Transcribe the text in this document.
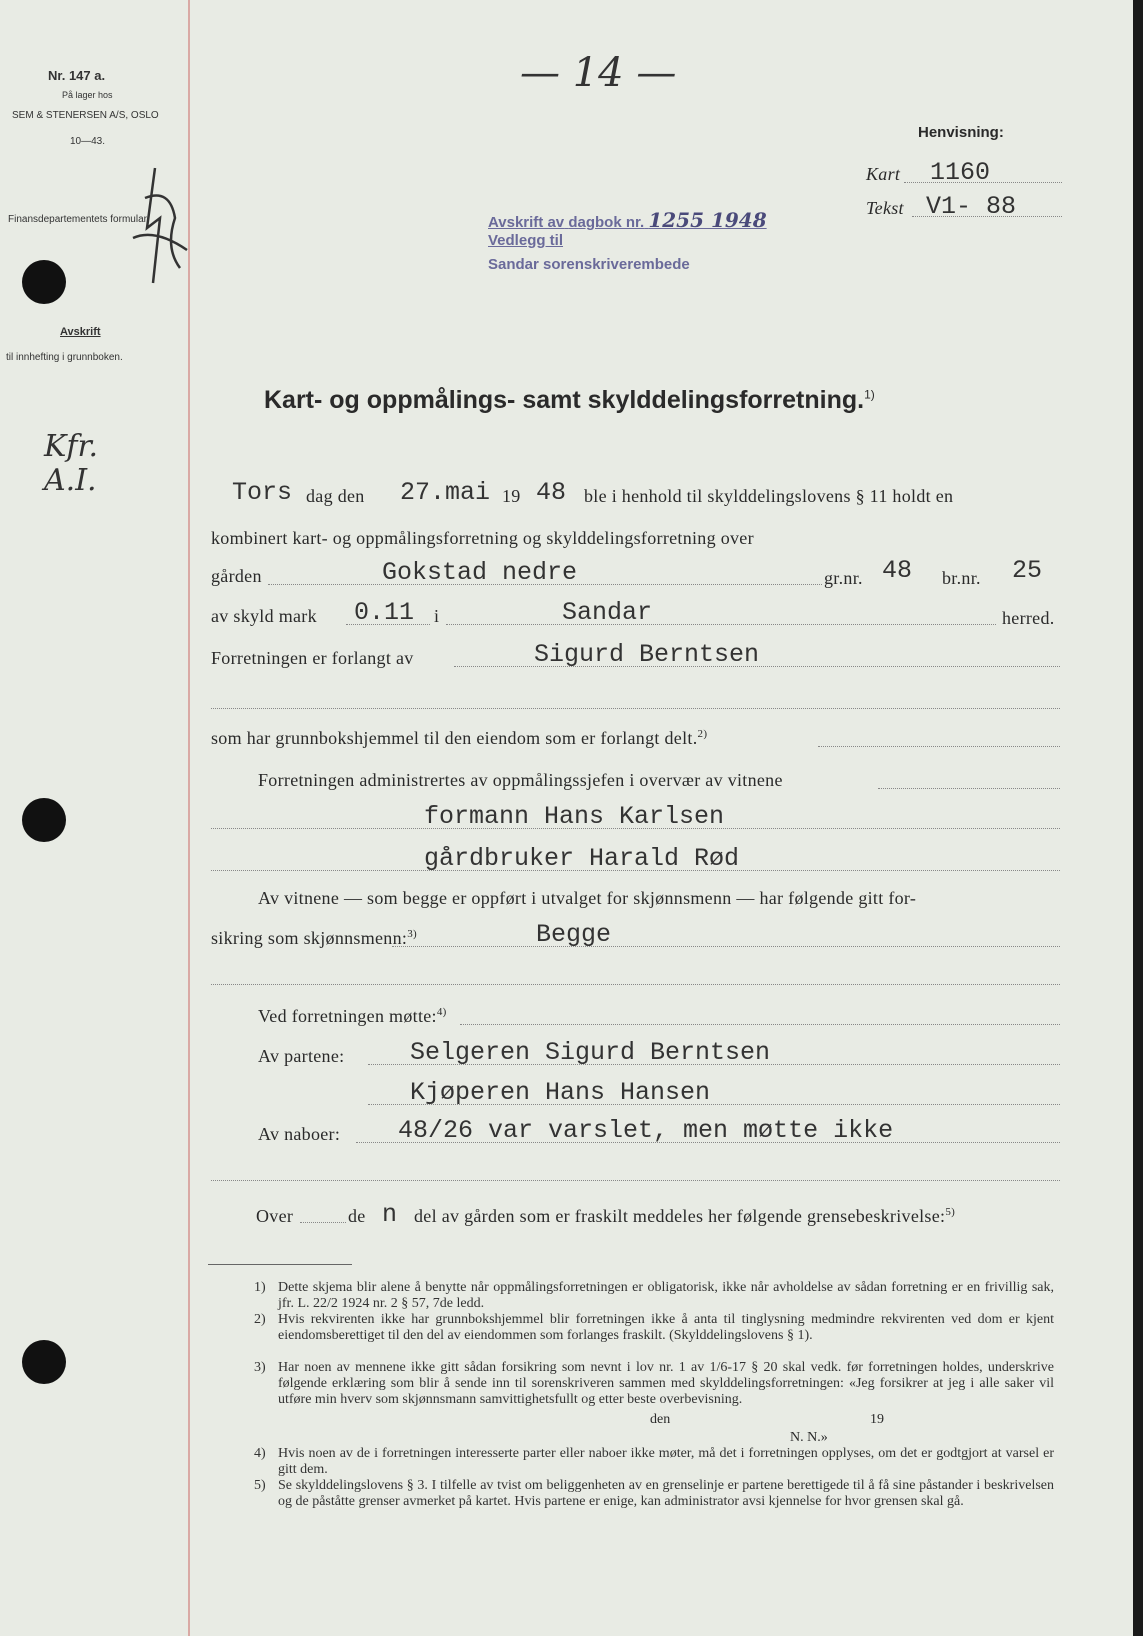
Nr. 147 a.
På lager hos
SEM & STENERSEN A/S, OSLO
10—43.
Finansdepartementets formular
Avskrift
til innhefting i grunnboken.
Kfr.
A.I.
— 14 —
Avskrift av dagbok nr. 1255 1948
Vedlegg til
Sandar sorenskriverembede
Henvisning:
Kart 1160
Tekst V1- 88
Kart- og oppmålings- samt skylddelingsforretning.$^{1)}$
Tors dag den 27.mai 19 48 ble i henhold til skylddelingslovens § 11 holdt en
kombinert kart- og oppmålingsforretning og skylddelingsforretning over
gården	Gokstad nedre	gr.nr. 48 br.nr. 25
av skyld mark 0.11 i	Sandar	herred.
Forretningen er forlangt av	Sigurd Berntsen
som har grunnbokshjemmel til den eiendom som er forlangt delt.$^{2)}$
Forretningen administrertes av oppmålingssjefen i overvær av vitnene
formann Hans Karlsen
gårdbruker Harald Rød
Av vitnene — som begge er oppført i utvalget for skjønnsmenn — har følgende gitt for-
sikring som skjønnsmenn:$^{3)}$	Begge
Ved forretningen møtte:$^{4)}$
Av partene:	Selgeren Sigurd Berntsen
Kjøperen Hans Hansen
Av naboer: 48/26 var varslet, men møtte ikke
Over	de n del av gården som er fraskilt meddeles her følgende grensebeskrivelse:$^{5)}$
1) Dette skjema blir alene å benytte når oppmålingsforretningen er obligatorisk, ikke når avholdelse av sådan forretning er en frivillig sak, jfr. L. 22/2 1924 nr. 2 § 57, 7de ledd.
2) Hvis rekvirenten ikke har grunnbokshjemmel blir forretningen ikke å anta til tinglysning medmindre rekvirenten ved dom er kjent eiendomsberettiget til den del av eiendommen som forlanges fraskilt. (Skylddelingslovens § 1).
3) Har noen av mennene ikke gitt sådan forsikring som nevnt i lov nr. 1 av 1/6-17 § 20 skal vedk. før forretningen holdes, underskrive følgende erklæring som blir å sende inn til sorenskriveren sammen med skylddelingsforretningen: «Jeg forsikrer at jeg i alle saker vil utføre min hverv som skjønnsmann samvittighetsfullt og etter beste overbevisning.
den	19
N. N.»
4) Hvis noen av de i forretningen interesserte parter eller naboer ikke møter, må det i forretningen opplyses, om det er godtgjort at varsel er gitt dem.
5) Se skylddelingslovens § 3. I tilfelle av tvist om beliggenheten av en grenselinje er partene berettigede til å få sine påstander i beskrivelsen og de påståtte grenser avmerket på kartet. Hvis partene er enige, kan administrator avsi kjennelse for hvor grensen skal gå.
